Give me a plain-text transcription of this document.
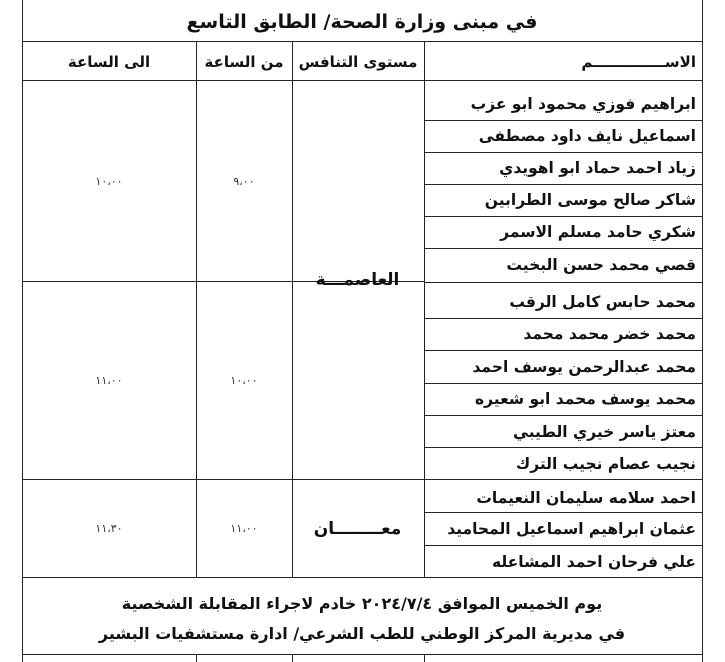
في مبنى وزارة الصحة/ الطابق التاسع
الاســــــــــــــم
مستوى التنافس
من الساعة
الى الساعة
ابراهيم فوزي محمود ابو عزب
اسماعيل نايف داود مصطفى
زياد احمد حماد ابو اهويدي
شاكر صالح موسى الطرابين
شكري حامد مسلم الاسمر
قصي محمد حسن البخيت
٩،٠٠
١٠،٠٠
العاصمـــة
محمد حابس كامل الرقب
محمد خضر محمد محمد
محمد عبدالرحمن يوسف احمد
محمد يوسف محمد ابو شعيره
معتز ياسر خيري الطيبي
نجيب عصام نجيب الترك
١٠،٠٠
١١،٠٠
احمد سلامه سليمان النعيمات
عثمان ابراهيم اسماعيل المحاميد
علي فرحان احمد المشاعله
معــــــــان
١١،٠٠
١١،٣٠
يوم الخميس الموافق ٢٠٢٤/٧/٤ خادم لاجراء المقابلة الشخصية
في مديرية المركز الوطني للطب الشرعي/ ادارة مستشفيات البشير
